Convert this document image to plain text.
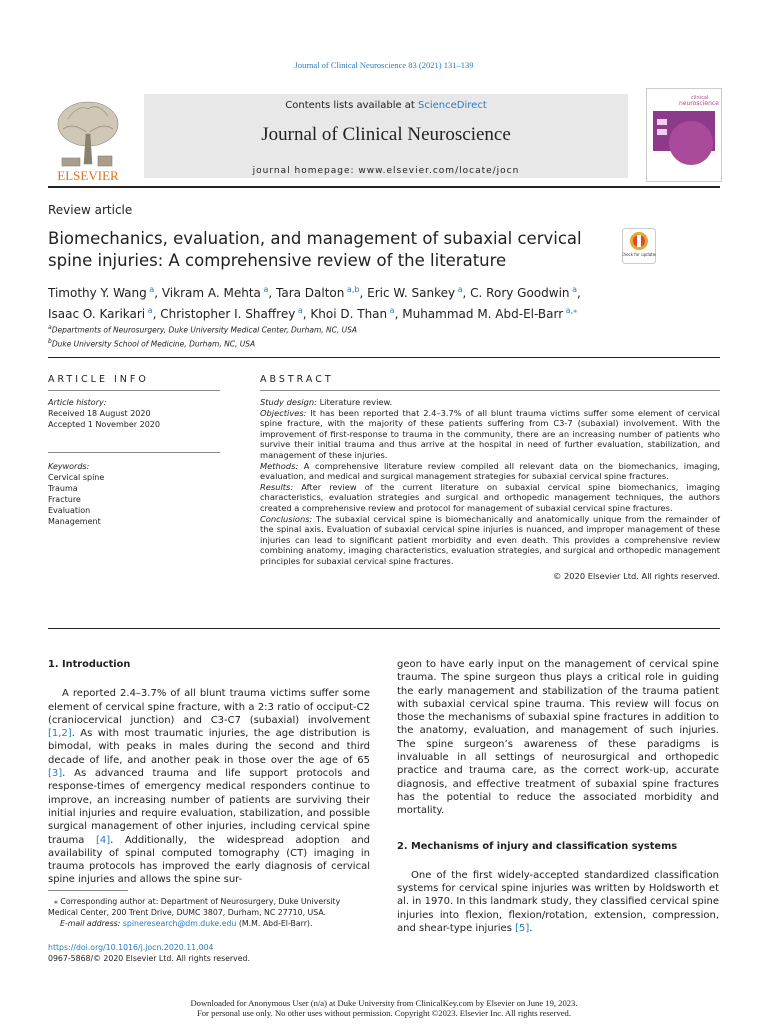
Journal of Clinical Neuroscience 83 (2021) 131–139
ELSEVIER
Contents lists available at ScienceDirect
Journal of Clinical Neuroscience
journal homepage: www.elsevier.com/locate/jocn
clinical
neuroscience
Review article
Biomechanics, evaluation, and management of subaxial cervical spine injuries: A comprehensive review of the literature	Check for updates
Timothy Y. Wang $^a$, Vikram A. Mehta $^a$, Tara Dalton $^{a,b}$, Eric W. Sankey $^a$, C. Rory Goodwin $^a$,
Isaac O. Karikari $^a$, Christopher I. Shaffrey $^a$, Khoi D. Than $^a$, Muhammad M. Abd-El-Barr $^{a,⁎}$
$^a$Departments of Neurosurgery, Duke University Medical Center, Durham, NC, USA
$^b$Duke University School of Medicine, Durham, NC, USA
ARTICLE INFO	ABSTRACT
Article history:
Received 18 August 2020
Accepted 1 November 2020
Keywords:
Cervical spine
Trauma
Fracture
Evaluation
Management

Study design: Literature review.

Objectives: It has been reported that 2.4–3.7% of all blunt trauma victims suffer some element of cervical spine fracture, with the majority of these patients suffering from C3-7 (subaxial) involvement. With the improvement of first-response to trauma in the community, there are an increasing number of patients who survive their initial trauma and thus arrive at the hospital in need of further evaluation, stabilization, and management of these injuries.

Methods: A comprehensive literature review compiled all relevant data on the biomechanics, imaging, evaluation, and medical and surgical management strategies for subaxial cervical spine fractures.

Results: After review of the current literature on subaxial cervical spine biomechanics, imaging characteristics, evaluation strategies and surgical and orthopedic management techniques, the authors created a comprehensive review and protocol for management of subaxial cervical spine fractures.

Conclusions: The subaxial cervical spine is biomechanically and anatomically unique from the remainder of the spinal axis. Evaluation of subaxial cervical spine injuries is nuanced, and improper management of these injuries can lead to significant patient morbidity and even death. This provides a comprehensive review combining anatomy, imaging characteristics, evaluation strategies, and surgical and orthopedic management principles for subaxial cervical spine fractures.

© 2020 Elsevier Ltd. All rights reserved.

1. Introduction

A reported 2.4–3.7% of all blunt trauma victims suffer some element of cervical spine fracture, with a 2:3 ratio of occiput-C2 (craniocervical junction) and C3-C7 (subaxial) involvement [1,2]. As with most traumatic injuries, the age distribution is bimodal, with peaks in males during the second and third decade of life, and another peak in those over the age of 65 [3]. As advanced trauma and life support protocols and response-times of emergency medical responders continue to improve, an increasing number of patients are surviving their initial injuries and require evaluation, stabilization, and possible surgical management of other injuries, including cervical spine trauma [4]. Additionally, the widespread adoption and availability of spinal computed tomography (CT) imaging in trauma protocols has improved the early diagnosis of cervical spine injuries and allows the spine sur-

geon to have early input on the management of cervical spine trauma. The spine surgeon thus plays a critical role in guiding the early management and stabilization of the trauma patient with subaxial cervical spine trauma. This review will focus on those the mechanisms of subaxial spine fractures in addition to the anatomy, evaluation, and management of such injuries. The spine surgeon’s awareness of these paradigms is invaluable in all settings of neurosurgical and orthopedic practice and trauma care, as the correct work-up, accurate diagnosis, and effective treatment of subaxial spine fractures has the potential to reduce the associated morbidity and mortality.

2. Mechanisms of injury and classification systems

One of the first widely-accepted standardized classification systems for cervical spine injuries was written by Holdsworth et al. in 1970. In this landmark study, they classified cervical spine injuries into flexion, flexion/rotation, extension, compression, and shear-type injuries [5].

⁎ Corresponding author at: Department of Neurosurgery, Duke University Medical Center, 200 Trent Drive, DUMC 3807, Durham, NC 27710, USA.
E-mail address: spineresearch@dm.duke.edu (M.M. Abd-El-Barr).
https://doi.org/10.1016/j.jocn.2020.11.004
0967-5868/© 2020 Elsevier Ltd. All rights reserved.
Downloaded for Anonymous User (n/a) at Duke University from ClinicalKey.com by Elsevier on June 19, 2023.
For personal use only. No other uses without permission. Copyright ©2023. Elsevier Inc. All rights reserved.
